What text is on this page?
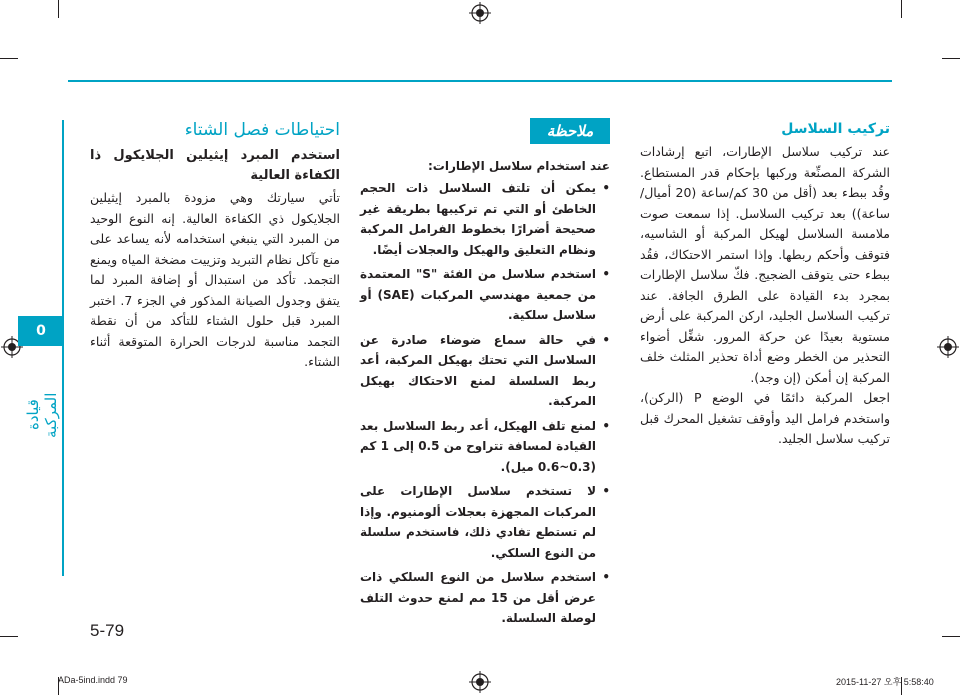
0
قيادة المركبة
تركيب السلاسل

عند تركيب سلاسل الإطارات، اتبع إرشادات الشركة المصنِّعة وركبها بإحكام قدر المستطاع. وقُد ببطء بعد (أقل من 30 كم/ساعة (20 أميال/ساعة)) بعد تركيب السلاسل. إذا سمعت صوت ملامسة السلاسل لهيكل المركبة أو الشاسيه، فتوقف وأحكم ربطها. وإذا استمر الاحتكاك، فقُد ببطء حتى يتوقف الضجيج. فكّ سلاسل الإطارات بمجرد بدء القيادة على الطرق الجافة. عند تركيب السلاسل الجليد، اركن المركبة على أرض مستوية بعيدًا عن حركة المرور. شغِّل أضواء التحذير من الخطر وضع أداة تحذير المثلث خلف المركبة إن أمكن (إن وجد).

اجعل المركبة دائمًا في الوضع P (الركن)، واستخدم فرامل اليد وأوقف تشغيل المحرك قبل تركيب سلاسل الجليد.

ملاحظة
عند استخدام سلاسل الإطارات:
• يمكن أن تلتف السلاسل ذات الحجم الخاطئ أو التي تم تركيبها بطريقة غير صحيحة أضرارًا بخطوط الفرامل المركبة ونظام التعليق والهيكل والعجلات أيضًا.
• استخدم سلاسل من الفئة "S" المعتمدة من جمعية مهندسي المركبات (SAE) أو سلاسل سلكية.
• في حالة سماع ضوضاء صادرة عن السلاسل التي تحتك بهيكل المركبة، أعد ربط السلسلة لمنع الاحتكاك بهيكل المركبة.
• لمنع تلف الهيكل، أعد ربط السلاسل بعد القيادة لمسافة تتراوح من 0.5 إلى 1 كم (0.3~0.6 ميل).
• لا تستخدم سلاسل الإطارات على المركبات المجهزة بعجلات ألومنيوم. وإذا لم تستطع تفادي ذلك، فاستخدم سلسلة من النوع السلكي.
• استخدم سلاسل من النوع السلكي ذات عرض أقل من 15 مم لمنع حدوث التلف لوصلة السلسلة.
احتياطات فصل الشتاء
استخدم المبرد إيثيلين الجلايكول ذا الكفاءة العالية

تأتي سيارتك وهي مزودة بالمبرد إيثيلين الجلايكول ذي الكفاءة العالية. إنه النوع الوحيد من المبرد التي ينبغي استخدامه لأنه يساعد على منع تآكل نظام التبريد وتزييت مضخة المياه ويمنع التجمد. تأكد من استبدال أو إضافة المبرد لما يتفق وجدول الصيانة المذكور في الجزء 7. اختبر المبرد قبل حلول الشتاء للتأكد من أن نقطة التجمد مناسبة لدرجات الحرارة المتوقعة أثناء الشتاء.

5-79
ADa-5ind.indd 79	2015-11-27 오후 5:58:40
